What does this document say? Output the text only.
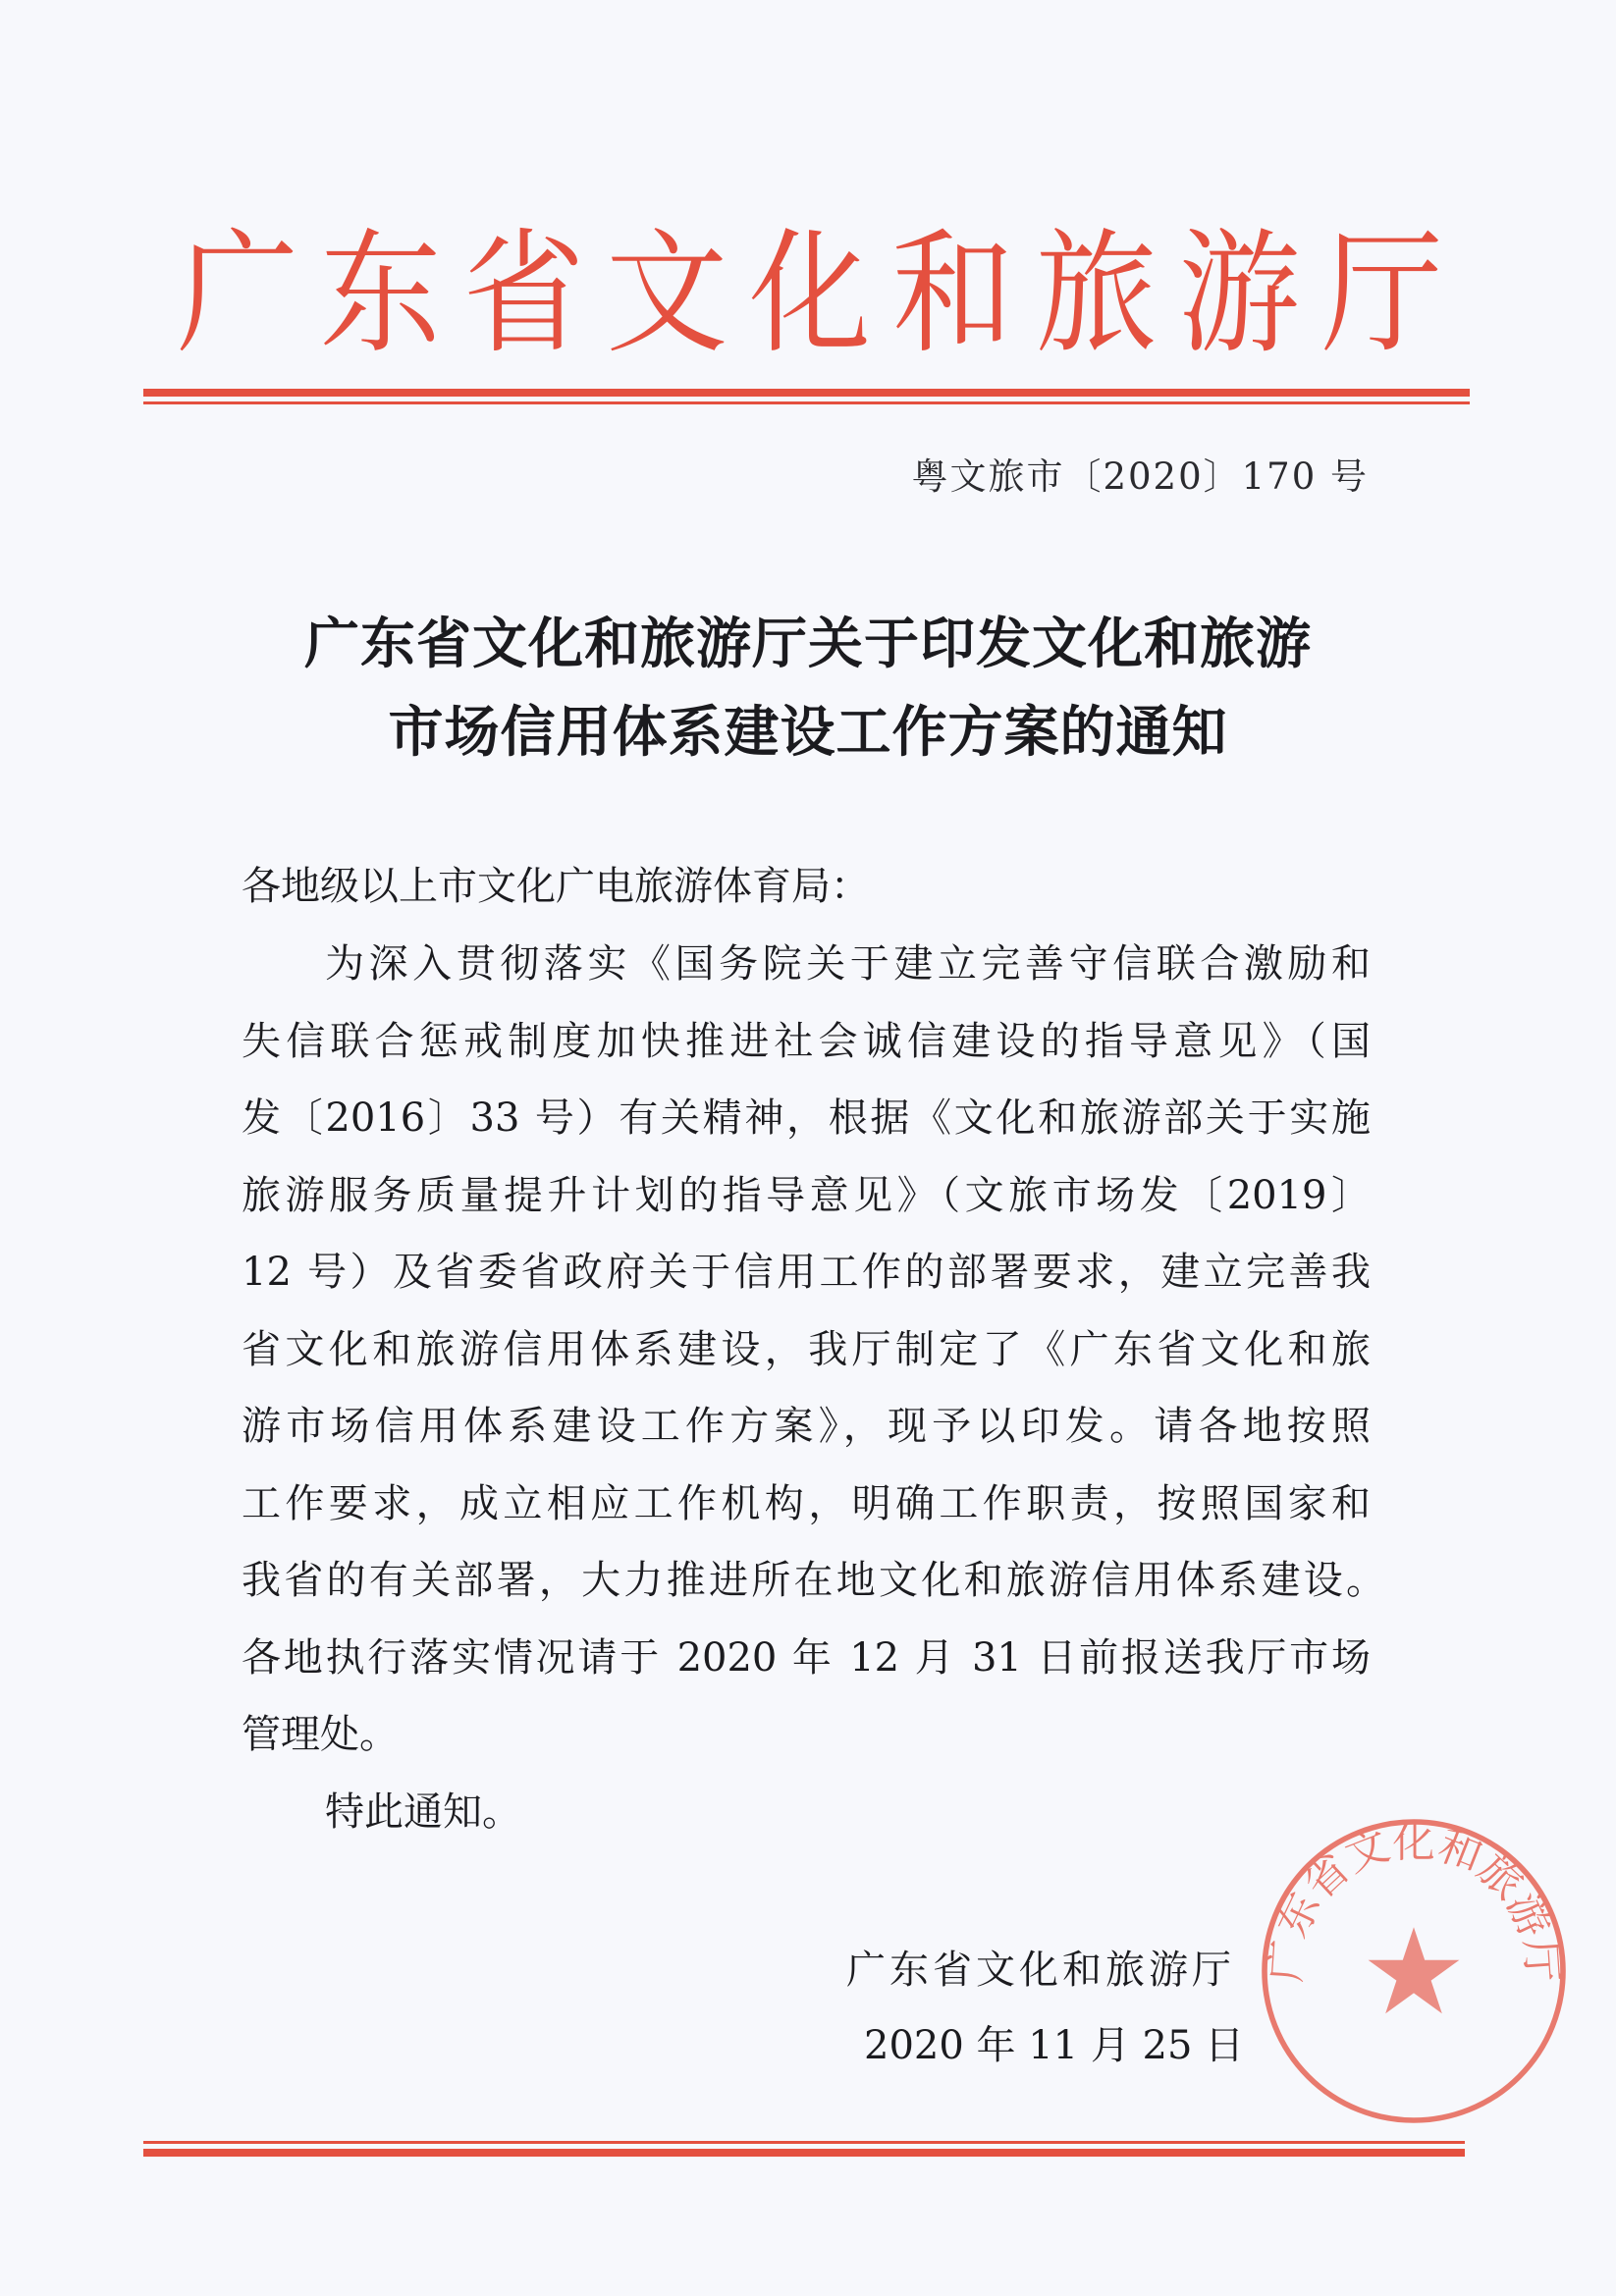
广东省文化和旅游厅
粤文旅市〔2020〕170 号
广东省文化和旅游厅关于印发文化和旅游
市场信用体系建设工作方案的通知
各地级以上市文化广电旅游体育局：
为深入贯彻落实《国务院关于建立完善守信联合激励和
失信联合惩戒制度加快推进社会诚信建设的指导意见》（国
发〔2016〕33 号）有关精神，根据《文化和旅游部关于实施
旅游服务质量提升计划的指导意见》（文旅市场发〔2019〕
12 号）及省委省政府关于信用工作的部署要求，建立完善我
省文化和旅游信用体系建设，我厅制定了《广东省文化和旅
游市场信用体系建设工作方案》，现予以印发。请各地按照
工作要求，成立相应工作机构，明确工作职责，按照国家和
我省的有关部署，大力推进所在地文化和旅游信用体系建设。
各地执行落实情况请于 2020 年 12 月 31 日前报送我厅市场
管理处。
特此通知。
广东省文化和旅游厅
广东省文化和旅游厅
2020 年 11 月 25 日
